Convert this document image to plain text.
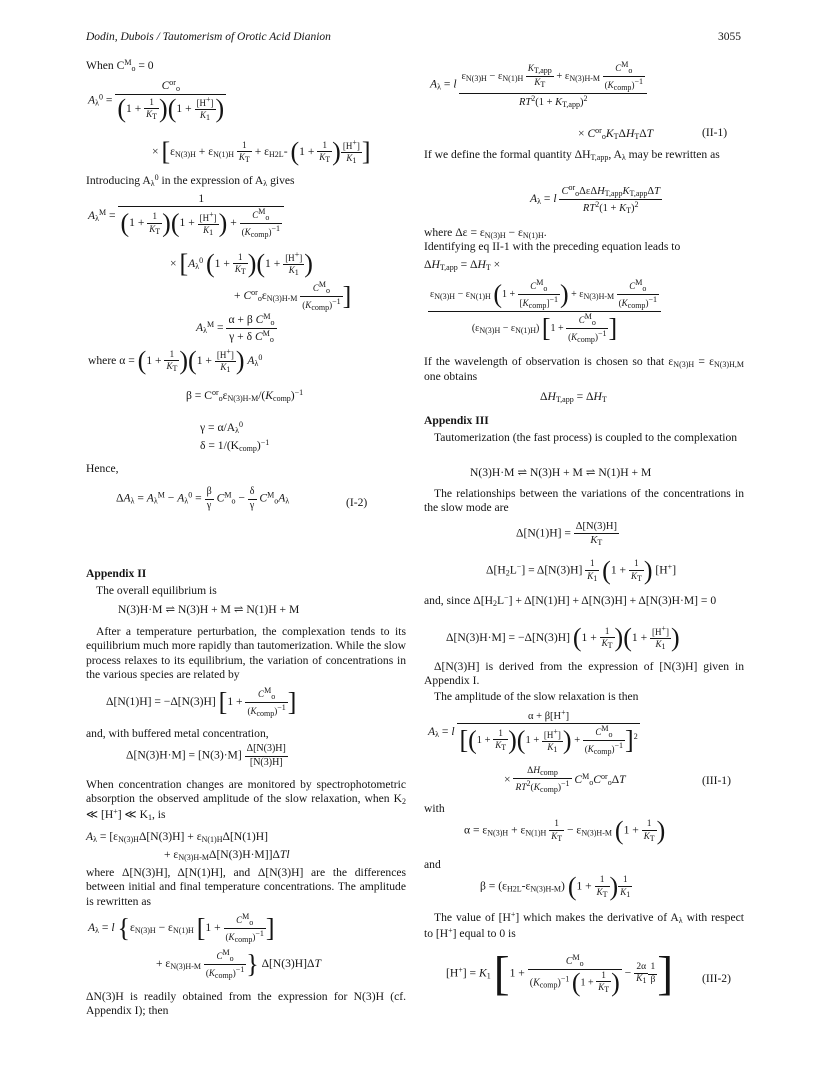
Dodin, Dubois / Tautomerism of Orotic Acid Dianion	3055
When $C^M_o = 0$
$A_\lambda^0 = \frac{C^{or}_o}{(1 + \frac{1}{KT} )(1 + \frac{[H+]}{K1} )}$
× [$\varepsilon_{N(3)H} + \varepsilon_{N(1)H} \frac{1}{KT} + \varepsilon_{H2L}-$ ($1 + \frac{1}{KT}$ ) $\frac{[H+]}{K1}$ ]
Introducing $A_\lambda^0$ in the expression of $A_\lambda$ gives
$A_\lambda^M = \frac{1}{(1 + \frac{1}{KT} )(1 + \frac{[H+]}{K1} ) + \frac{\text{CMo}}{\text{(Kcomp)−1}}}$
× [$A_\lambda^0$ $(1 + \frac{1}{KT} )(1 + \frac{[H+]}{K1}$ )
+ $C^{or}_o\varepsilon_{N(3)H-M} \frac{\text{CMo}}{\text{(Kcomp)−1}}$ ]
$A_\lambda^M = \frac{\alpha + \beta C^M_o}{\gamma + \delta C^M_o}$
where $\alpha = (1 + \frac{1}{KT} )(1 + \frac{[H+]}{K1}$ ) $A_\lambda^0$
$\beta = C^{or}_o\varepsilon_{N(3)H-M}/(K_{comp})^{-1}$
$\gamma = \alpha/A_\lambda^0$
$\delta = 1/(K_{comp})^{-1}$
Hence,
$\Delta A_\lambda = A_\lambda^M - A_\lambda^0 = \frac{\beta}{\gamma} C^M_o - \frac{\delta}{\gamma} C^M_oA_\lambda$	(I-2)
Appendix II
The overall equilibrium is
N(3)H·M ⇌ N(3)H + M ⇌ N(1)H + M
After a temperature perturbation, the complexation tends to its equilibrium much more rapidly than tautomerization. While the slow process relaxes to its equilibrium, the variation of concentrations in the various species are related by
Δ[N(1)H] = −Δ[N(3)H] [$1 + \frac{\text{CMo}}{\text{(Kcomp)−1}}$ ]
and, with buffered metal concentration,
$\Delta[N(3)H\cdot M] = [N(3)\cdot M] \frac{\Delta[N(3)H]}{[N(3)H]}$
When concentration changes are monitored by spectrophotometric absorption the observed amplitude of the slow relaxation, when $K_2$ ≪ [H+] ≪ $K_1$, is
$A_\lambda = [\varepsilon_{N(3)H}\Delta[N(3)H] + \varepsilon_{N(1)H}\Delta[N(1)H]$
+ $\varepsilon_{N(3)H-M}\Delta[N(3)H\cdot M]]\Delta Tl$
where Δ[N(3)H], Δ[N(1)H], and Δ[N(3)H] are the differences between initial and final temperature concentrations. The amplitude is rewritten as
$A_\lambda = l$ {$\varepsilon_{N(3)H} - \varepsilon_{N(1)H}$ [$1 + \frac{\text{CMo}}{\text{(Kcomp)−1}}$ ]
+ $\varepsilon_{N(3)H-M} \frac{\text{CMo}}{\text{(Kcomp)−1}}$ } Δ[N(3)H]ΔT
ΔN(3)H is readily obtained from the expression for N(3)H (cf. Appendix I); then
$A_\lambda = l \frac{\varepsilon_{N(3)H} - \varepsilon_{N(1)H} \frac{\text{KT,app}}{KT} + \varepsilon_{N(3)H-M} \frac{\text{CMo}}{\text{(Kcomp)−1}}}{RT^2(1 + K_{T,app})^2}$
× $C^{or}_oK_T\Delta H_T\Delta T$	(II-1)
If we define the formal quantity $\Delta H_{T,app}$, $A_\lambda$ may be rewritten as
$A_\lambda = l \frac{C^{or}_o\Delta\varepsilon\Delta H_{T,app}K_{T,app}\Delta T}{RT^2(1 + K_T)^2}$
where $\Delta\varepsilon = \varepsilon_{N(3)H} - \varepsilon_{N(1)H}$.
Identifying eq II-1 with the preceding equation leads to
$\Delta H_{T,app} = \Delta H_T$ ×
$\frac{\varepsilon_{N(3)H} - \varepsilon_{N(1)H} (1 + \frac{\text{CMo}}{\text{[Kcomp]−1}} ) + \varepsilon_{N(3)H-M} \frac{\text{CMo}}{\text{(Kcomp)−1}}}{(\varepsilon_{N(3)H} - \varepsilon_{N(1)H}) [1 + \frac{\text{CMo}}{\text{(Kcomp)−1}} ]}$
If the wavelength of observation is chosen so that $\varepsilon_{N(3)H} = \varepsilon_{N(3)H,M}$ one obtains
$\Delta H_{T,app} = \Delta H_T$
Appendix III
Tautomerization (the fast process) is coupled to the complexation
N(3)H·M ⇌ N(3)H + M ⇌ N(1)H + M
The relationships between the variations of the concentrations in the slow mode are
$\Delta[N(1)H] = \frac{\Delta[N(3)H]}{K_T}$
$\Delta[H_2L^-] = \Delta[N(3)H] \frac{1}{K1} (1 + \frac{1}{KT}$ ) [H+]
and, since $\Delta[H_2L^-] + \Delta[N(1)H] + \Delta[N(3)H] + \Delta[N(3)H\cdot M] = 0$
Δ[N(3)H·M] = −Δ[N(3)H] $(1 + \frac{1}{KT} )(1 + \frac{[H+]}{K1}$ )
Δ[N(3)H] is derived from the expression of [N(3)H] given in Appendix I.
The amplitude of the slow relaxation is then
$A_\lambda = l \frac{\alpha + \beta[H^+]}{[(1 + \frac{1}{KT} )(1 + \frac{[H+]}{K1} ) + \frac{\text{CMo}}{\text{(Kcomp)−1}} ]^2}$
× $\frac{\Delta H_{comp}}{RT^2(K_{comp})^{-1}} C^M_oC^{or}_o\Delta T$	(III-1)
with
$\alpha = \varepsilon_{N(3)H} + \varepsilon_{N(1)H} \frac{1}{KT} - \varepsilon_{N(3)H-M}$ ($1 + \frac{1}{KT}$ )
and
$\beta = (\varepsilon_{H2L}-\varepsilon_{N(3)H-M}) (1 + \frac{1}{KT}$ ) $\frac{1}{K1}$
The value of [H+] which makes the derivative of $A_\lambda$ with respect to [H+] equal to 0 is
$[H^+] = K_1$ [$1 + \frac{C^M_o}{(K_{comp})^{-1} (1 + \frac{1}{KT} )} - \frac{2\alpha}{K_1} \frac{1}{\beta}$ ] (III-2)
